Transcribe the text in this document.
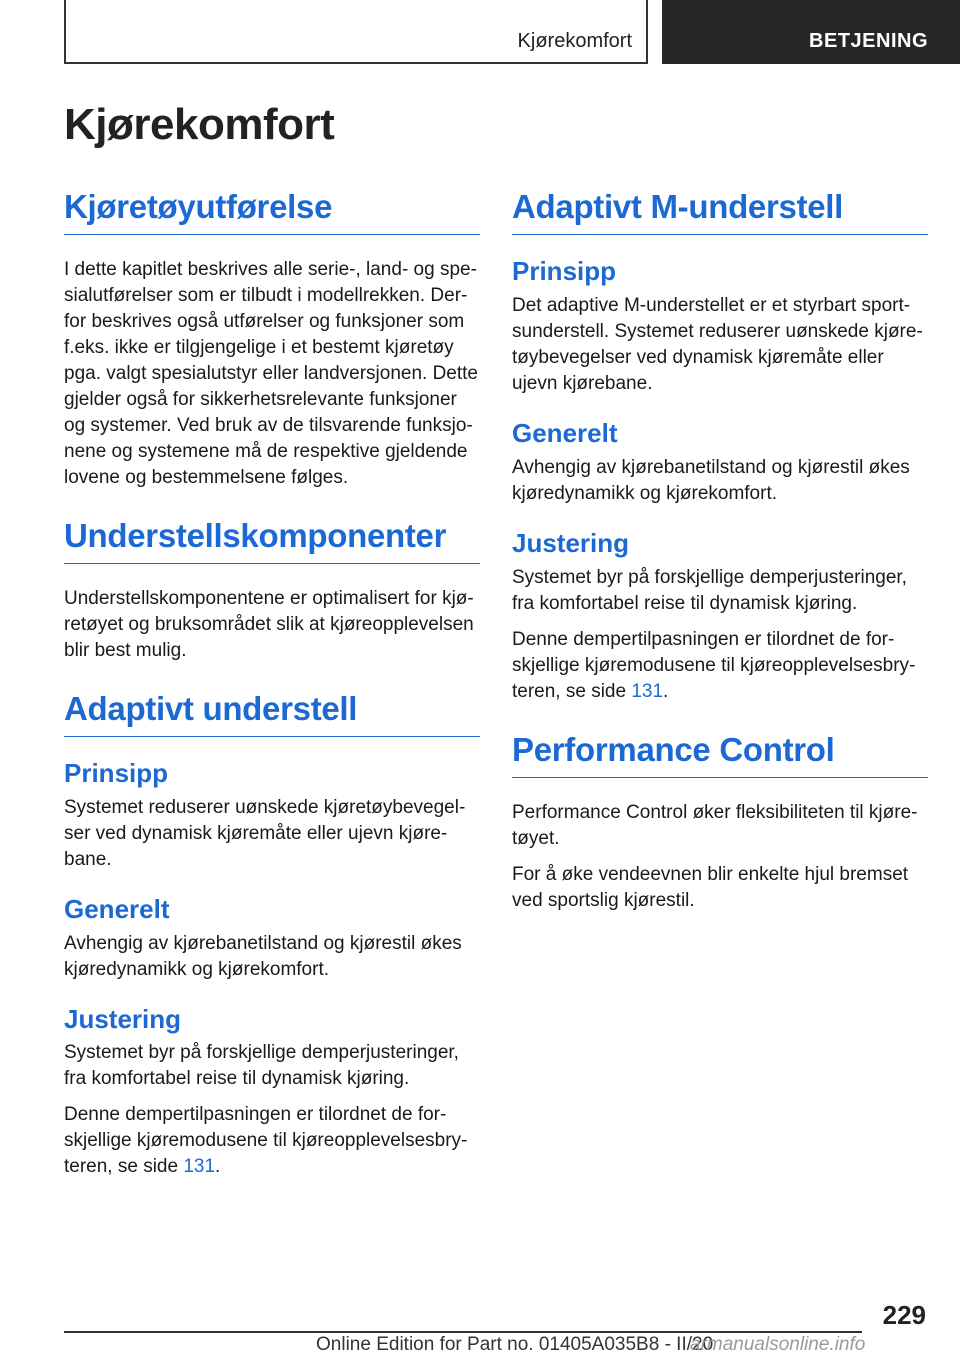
Kjørekomfort	BETJENING
Kjørekomfort
Kjøretøyutførelse

I dette kapitlet beskrives alle serie-, land- og spesialutførelser som er tilbudt i modellrekken. Derfor beskrives også utførelser og funksjoner som f.eks. ikke er tilgjengelige i et bestemt kjøretøy pga. valgt spesialutstyr eller landversjonen. Dette gjelder også for sikkerhetsrelevante funksjoner og systemer. Ved bruk av de tilsvarende funksjonene og systemene må de respektive gjeldende lovene og bestemmelsene følges.

Understellskomponenter

Understellskomponentene er optimalisert for kjøretøyet og bruksområdet slik at kjøreopplevelsen blir best mulig.

Adaptivt understell
Prinsipp

Systemet reduserer uønskede kjøretøybevegelser ved dynamisk kjøremåte eller ujevn kjørebane.

Generelt

Avhengig av kjørebanetilstand og kjørestil økes kjøredynamikk og kjørekomfort.

Justering

Systemet byr på forskjellige demperjusteringer, fra komfortabel reise til dynamisk kjøring.

Denne dempertilpasningen er tilordnet de forskjellige kjøremodusene til kjøreopplevelsesbryteren, se side 131.

Adaptivt M-understell
Prinsipp

Det adaptive M-understellet er et styrbart sportsunderstell. Systemet reduserer uønskede kjøretøybevegelser ved dynamisk kjøremåte eller ujevn kjørebane.

Generelt

Avhengig av kjørebanetilstand og kjørestil økes kjøredynamikk og kjørekomfort.

Justering

Systemet byr på forskjellige demperjusteringer, fra komfortabel reise til dynamisk kjøring.

Denne dempertilpasningen er tilordnet de forskjellige kjøremodusene til kjøreopplevelsesbryteren, se side 131.

Performance Control

Performance Control øker fleksibiliteten til kjøretøyet.

For å øke vendeevnen blir enkelte hjul bremset ved sportslig kjørestil.

229
Online Edition for Part no. 01405A035B8 - II/20
armanualsonline.info
